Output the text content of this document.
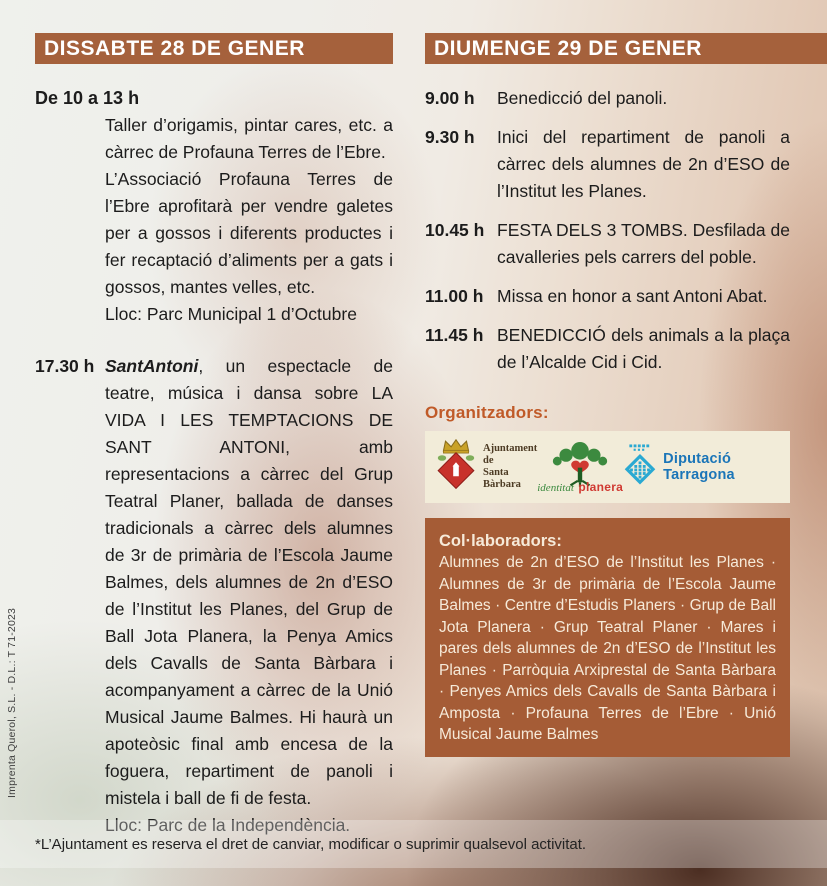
Imprenta Querol, S.L. - D.L.: T 71-2023
DISSABTE 28 DE GENER	DIUMENGE 29 DE GENER
De 10 a 13 h

Taller d’origamis, pintar cares, etc. a càrrec de Profauna Terres de l’Ebre.

L’Associació Profauna Terres de l’Ebre aprofitarà per vendre galetes per a gossos i diferents productes i fer recaptació d’aliments per a gats i gossos, mantes velles, etc.

Lloc: Parc Municipal 1 d’Octubre

17.30 h SantAntoni, un espectacle de teatre, música i dansa sobre LA VIDA I LES TEMPTACIONS DE SANT ANTONI, amb representacions a càrrec del Grup Teatral Planer, ballada de danses tradicionals a càrrec dels alumnes de 3r de primària de l’Escola Jaume Balmes, dels alumnes de 2n d’ESO de l’Institut les Planes, del Grup de Ball Jota Planera, la Penya Amics dels Cavalls de Santa Bàrbara i acompanyament a càrrec de la Unió Musical Jaume Balmes. Hi haurà un apoteòsic final amb encesa de la foguera, repartiment de panoli i mistela i ball de fi de festa.

Lloc: Parc de la Independència.

9.00 h Benedicció del panoli.

9.30 h Inici del repartiment de panoli a càrrec dels alumnes de 2n d’ESO de l’Institut les Planes.

10.45 h FESTA DELS 3 TOMBS. Desfilada de cavalleries pels carrers del poble.

11.00 h Missa en honor a sant Antoni Abat.

11.45 h BENEDICCIÓ dels animals a la plaça de l’Alcalde Cid i Cid.

Organitzadors:
Ajuntament de
Santa Bàrbara	identitat planera
Diputació Tarragona
Col·laboradors:
Alumnes de 2n d’ESO de l’Institut les Planes · Alumnes de 3r de primària de l’Escola Jaume Balmes · Centre d’Estudis Planers · Grup de Ball Jota Planera · Grup Teatral Planer · Mares i pares dels alumnes de 2n d’ESO de l’Institut les Planes · Parròquia Arxiprestal de Santa Bàrbara · Penyes Amics dels Cavalls de Santa Bàrbara i Amposta · Profauna Terres de l’Ebre · Unió Musical Jaume Balmes
*L’Ajuntament es reserva el dret de canviar, modificar o suprimir qualsevol activitat.
